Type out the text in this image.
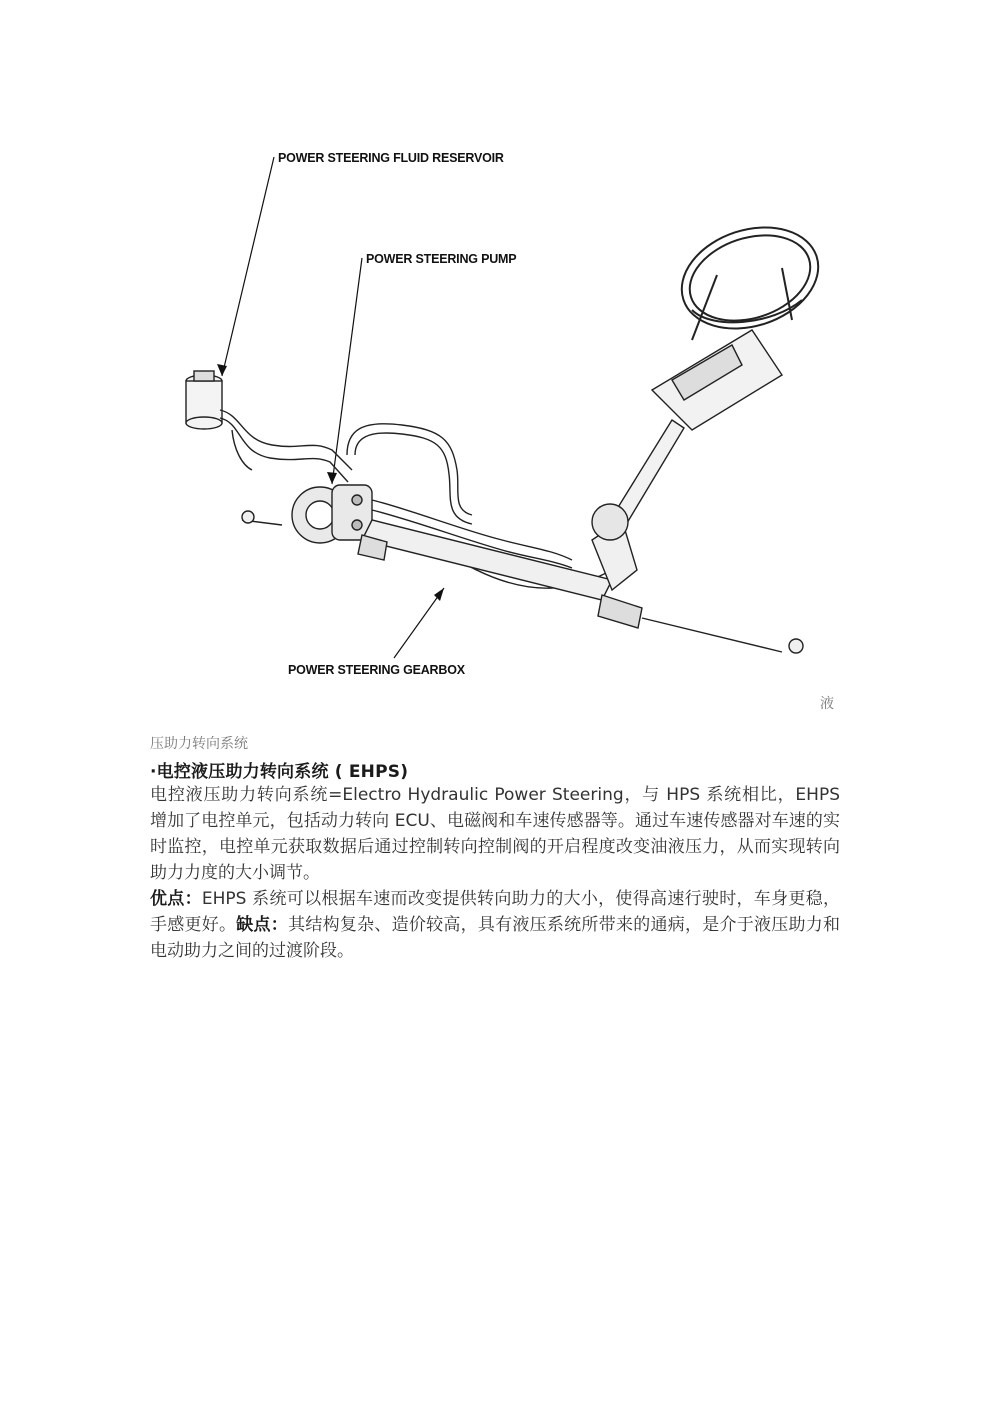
POWER STEERING FLUID RESERVOIR
POWER STEERING PUMP
POWER STEERING GEARBOX
液
压助力转向系统
·电控液压助力转向系统 ( EHPS)

电控液压助力转向系统=Electro Hydraulic Power Steering，与 HPS 系统相比，EHPS 增加了电控单元，包括动力转向 ECU、电磁阀和车速传感器等。通过车速传感器对车速的实时监控，电控单元获取数据后通过控制转向控制阀的开启程度改变油液压力，从而实现转向助力力度的大小调节。

优点：EHPS 系统可以根据车速而改变提供转向助力的大小，使得高速行驶时，车身更稳，手感更好。缺点：其结构复杂、造价较高，具有液压系统所带来的通病，是介于液压助力和电动助力之间的过渡阶段。
